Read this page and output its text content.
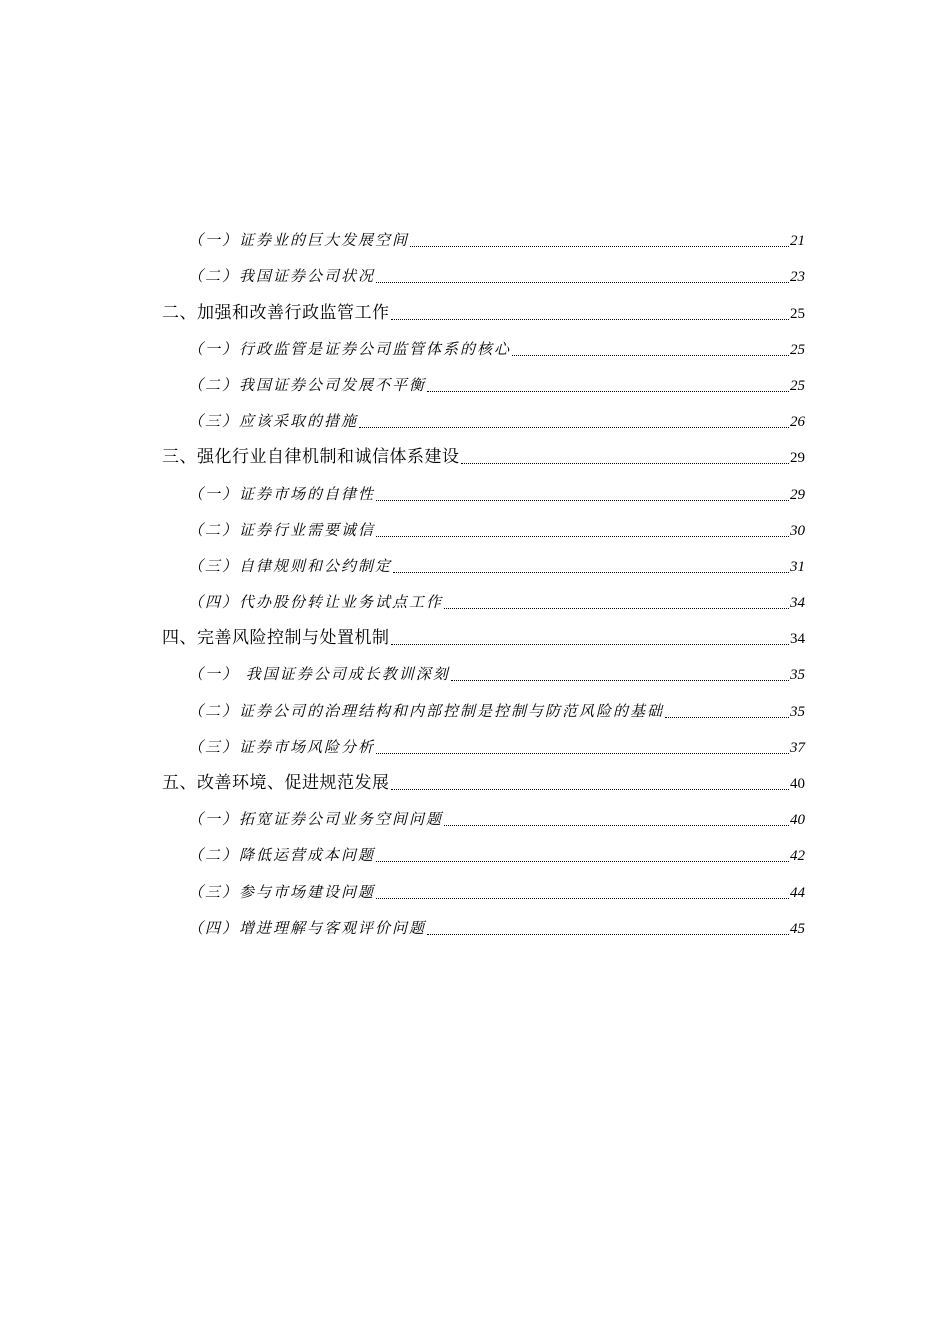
（一）证券业的巨大发展空间	21
（二）我国证券公司状况	23
二、加强和改善行政监管工作	25
（一）行政监管是证券公司监管体系的核心	25
（二）我国证券公司发展不平衡	25
（三）应该采取的措施	26
三、强化行业自律机制和诚信体系建设	29
（一）证券市场的自律性	29
（二）证券行业需要诚信	30
（三）自律规则和公约制定	31
（四）代办股份转让业务试点工作	34
四、完善风险控制与处置机制	34
（一） 我国证券公司成长教训深刻	35
（二）证券公司的治理结构和内部控制是控制与防范风险的基础	35
（三）证券市场风险分析	37
五、改善环境、促进规范发展	40
（一）拓宽证券公司业务空间问题	40
（二）降低运营成本问题	42
（三）参与市场建设问题	44
（四）增进理解与客观评价问题	45
